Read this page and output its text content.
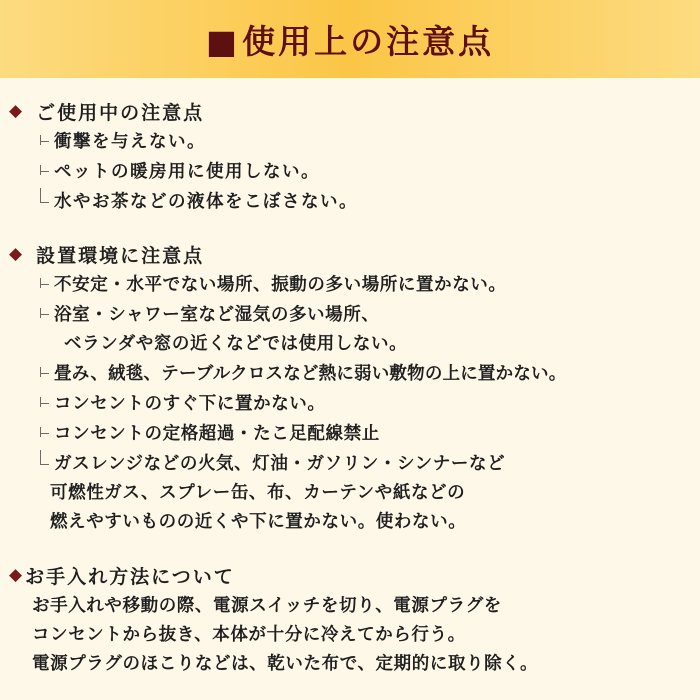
■使用上の注意点
◆ ご使用中の注意点
衝撃を与えない。
ペットの暖房用に使用しない。
水やお茶などの液体をこぼさない。
◆ 設置環境に注意点
不安定・水平でない場所、振動の多い場所に置かない。
浴室・シャワー室など湿気の多い場所、
ベランダや窓の近くなどでは使用しない。
畳み、絨毯、テーブルクロスなど熱に弱い敷物の上に置かない。
コンセントのすぐ下に置かない。
コンセントの定格超過・たこ足配線禁止
ガスレンジなどの火気、灯油・ガソリン・シンナーなど
可燃性ガス、スプレー缶、布、カーテンや紙などの
燃えやすいものの近くや下に置かない。使わない。
◆ お手入れ方法について
お手入れや移動の際、電源スイッチを切り、電源プラグを
コンセントから抜き、本体が十分に冷えてから行う。
電源プラグのほこりなどは、乾いた布で、定期的に取り除く。
